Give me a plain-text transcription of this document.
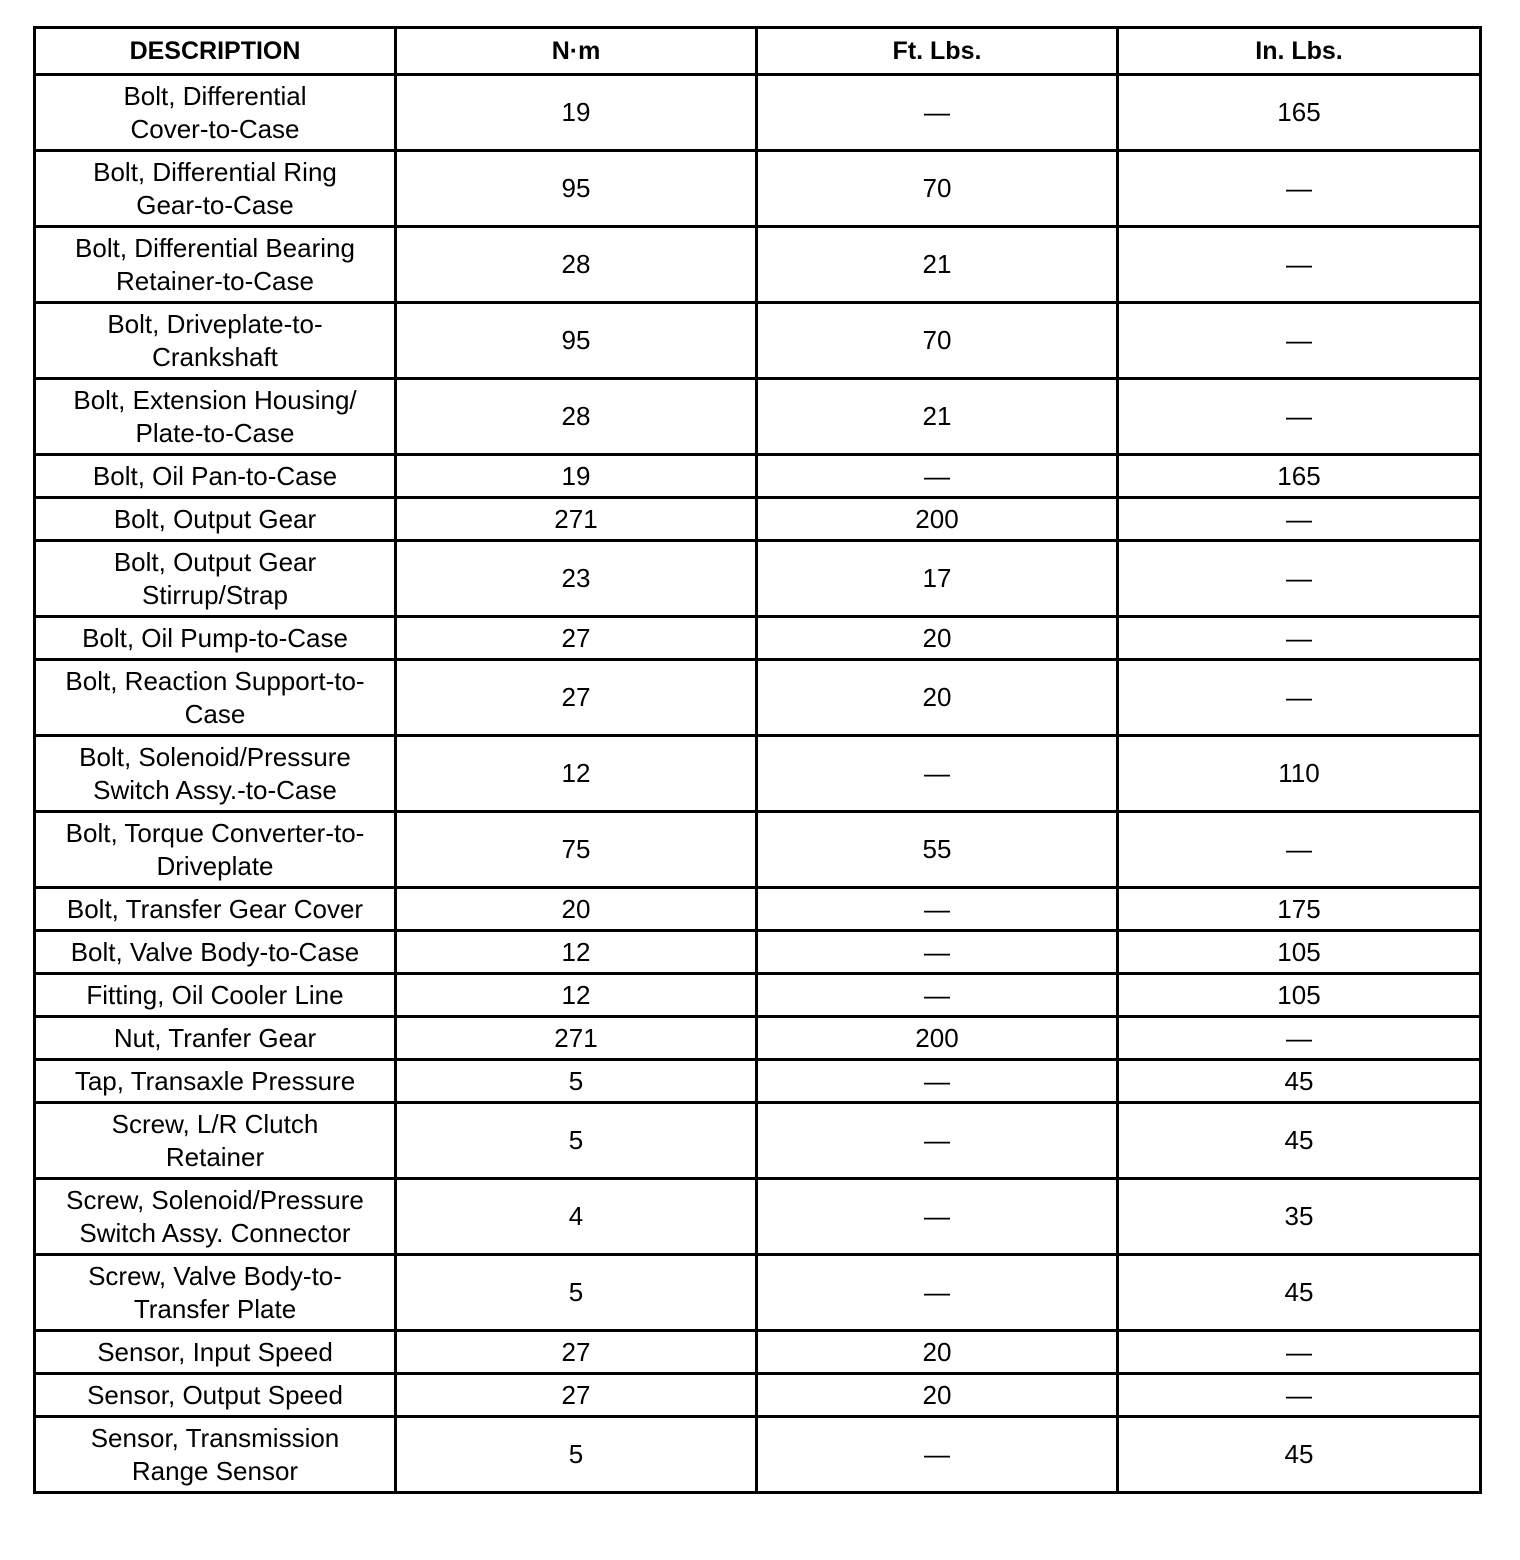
DESCRIPTION	N·m	Ft. Lbs.	In. Lbs.

Bolt, Differential
Cover-to-Case	19	—	165

Bolt, Differential Ring
Gear-to-Case	95	70	—

Bolt, Differential Bearing
Retainer-to-Case	28	21	—

Bolt, Driveplate-to-
Crankshaft	95	70	—

Bolt, Extension Housing/
Plate-to-Case	28	21	—

Bolt, Oil Pan-to-Case	19	—	165

Bolt, Output Gear	271	200	—

Bolt, Output Gear
Stirrup/Strap	23	17	—

Bolt, Oil Pump-to-Case	27	20	—

Bolt, Reaction Support-to-
Case	27	20	—

Bolt, Solenoid/Pressure
Switch Assy.-to-Case	12	—	110

Bolt, Torque Converter-to-
Driveplate	75	55	—

Bolt, Transfer Gear Cover	20	—	175

Bolt, Valve Body-to-Case	12	—	105

Fitting, Oil Cooler Line	12	—	105

Nut, Tranfer Gear	271	200	—

Tap, Transaxle Pressure	5	—	45

Screw, L/R Clutch
Retainer	5	—	45

Screw, Solenoid/Pressure
Switch Assy. Connector	4	—	35

Screw, Valve Body-to-
Transfer Plate	5	—	45

Sensor, Input Speed	27	20	—

Sensor, Output Speed	27	20	—

Sensor, Transmission
Range Sensor	5	—	45
